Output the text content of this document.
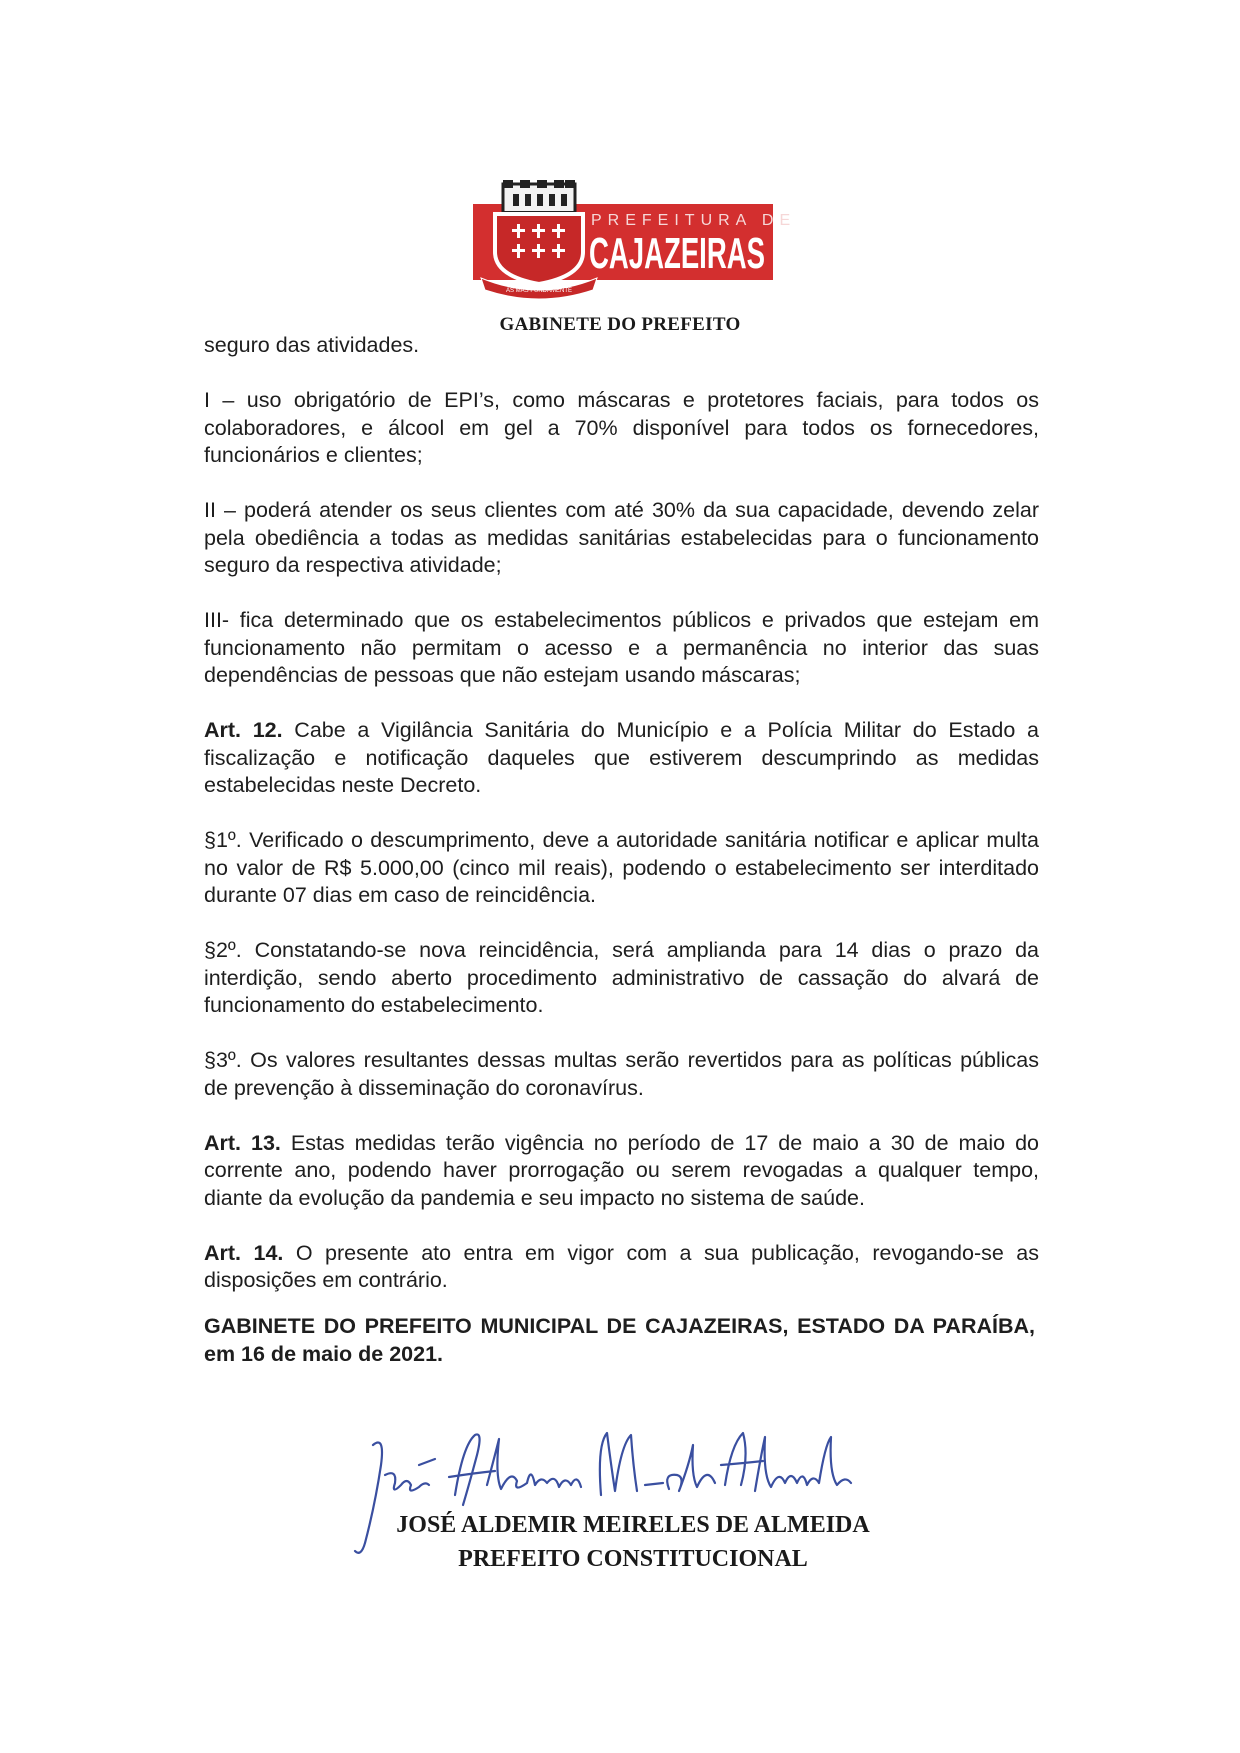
AS MAS FUNDAMENTE
PREFEITURA DE
CAJAZEIRAS
GABINETE DO PREFEITO

seguro das atividades.

I – uso obrigatório de EPI’s, como máscaras e protetores faciais, para todos os colaboradores, e álcool em gel a 70% disponível para todos os fornecedores, funcionários e clientes;

II – poderá atender os seus clientes com até 30% da sua capacidade, devendo zelar pela obediência a todas as medidas sanitárias estabelecidas para o funcionamento seguro da respectiva atividade;

III- fica determinado que os estabelecimentos públicos e privados que estejam em funcionamento não permitam o acesso e a permanência no interior das suas dependências de pessoas que não estejam usando máscaras;

Art. 12. Cabe a Vigilância Sanitária do Município e a Polícia Militar do Estado a fiscalização e notificação daqueles que estiverem descumprindo as medidas estabelecidas neste Decreto.

§1º. Verificado o descumprimento, deve a autoridade sanitária notificar e aplicar multa no valor de R$ 5.000,00 (cinco mil reais), podendo o estabelecimento ser interditado durante 07 dias em caso de reincidência.

§2º. Constatando-se nova reincidência, será amplianda para 14 dias o prazo da interdição, sendo aberto procedimento administrativo de cassação do alvará de funcionamento do estabelecimento.

§3º. Os valores resultantes dessas multas serão revertidos para as políticas públicas de prevenção à disseminação do coronavírus.

Art. 13. Estas medidas terão vigência no período de 17 de maio a 30 de maio do corrente ano, podendo haver prorrogação ou serem revogadas a qualquer tempo, diante da evolução da pandemia e seu impacto no sistema de saúde.

Art. 14. O presente ato entra em vigor com a sua publicação, revogando-se as disposições em contrário.

GABINETE DO PREFEITO MUNICIPAL DE CAJAZEIRAS, ESTADO DA PARAÍBA, em 16 de maio de 2021.
JOSÉ ALDEMIR MEIRELES DE ALMEIDA
PREFEITO CONSTITUCIONAL
